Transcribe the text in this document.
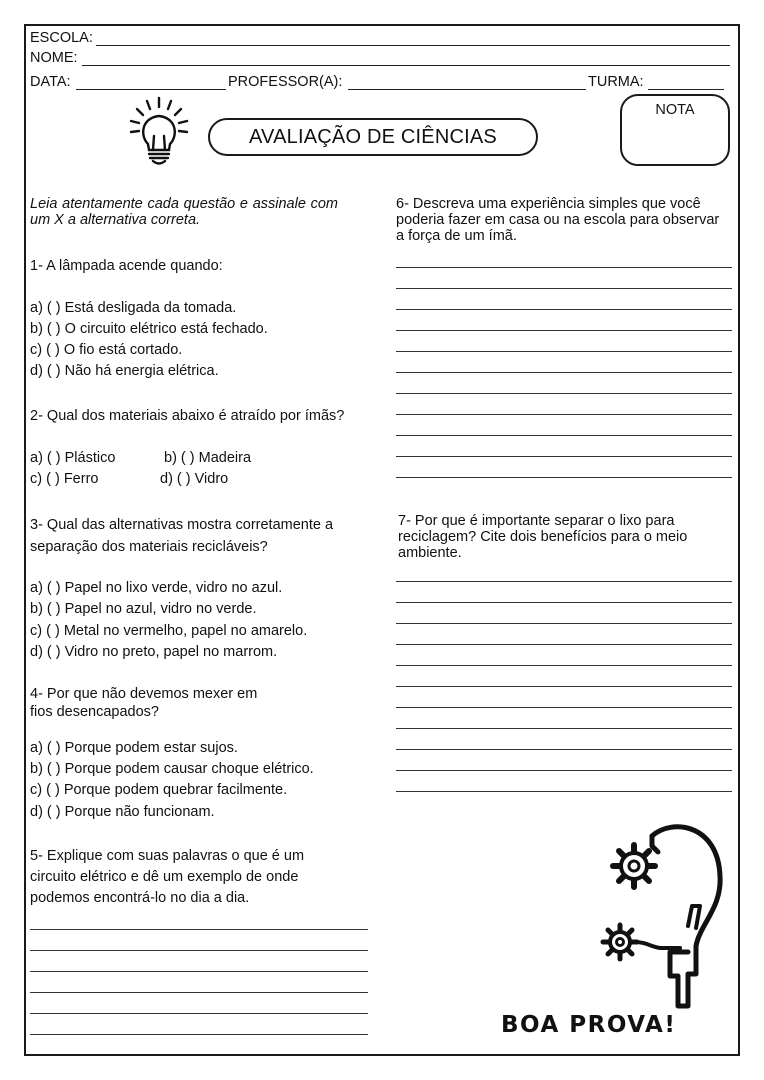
ESCOLA:
NOME:
DATA:	PROFESSOR(A):	TURMA:
AVALIAÇÃO DE CIÊNCIAS
NOTA
Leia atentamente cada questão e assinale com um X a alternativa correta.
1- A lâmpada acende quando:
a) ( ) Está desligada da tomada.
b) ( ) O circuito elétrico está fechado.
c) ( ) O fio está cortado.
d) ( ) Não há energia elétrica.
2- Qual dos materiais abaixo é atraído por ímãs?
a) ( ) Plástico	b) ( ) Madeira
c) ( ) Ferro	d) ( ) Vidro
3- Qual das alternativas mostra corretamente a
separação dos materiais recicláveis?
a) ( ) Papel no lixo verde, vidro no azul.
b) ( ) Papel no azul, vidro no verde.
c) ( ) Metal no vermelho, papel no amarelo.
d) ( ) Vidro no preto, papel no marrom.
4- Por que não devemos mexer em
fios desencapados?
a) ( ) Porque podem estar sujos.
b) ( ) Porque podem causar choque elétrico.
c) ( ) Porque podem quebrar facilmente.
d) ( ) Porque não funcionam.
5- Explique com suas palavras o que é um
circuito elétrico e dê um exemplo de onde
podemos encontrá-lo no dia a dia.
6- Descreva uma experiência simples que você poderia fazer em casa ou na escola para observar a força de um ímã.
7- Por que é importante separar o lixo para reciclagem? Cite dois benefícios para o meio ambiente.
BOA PROVA!
